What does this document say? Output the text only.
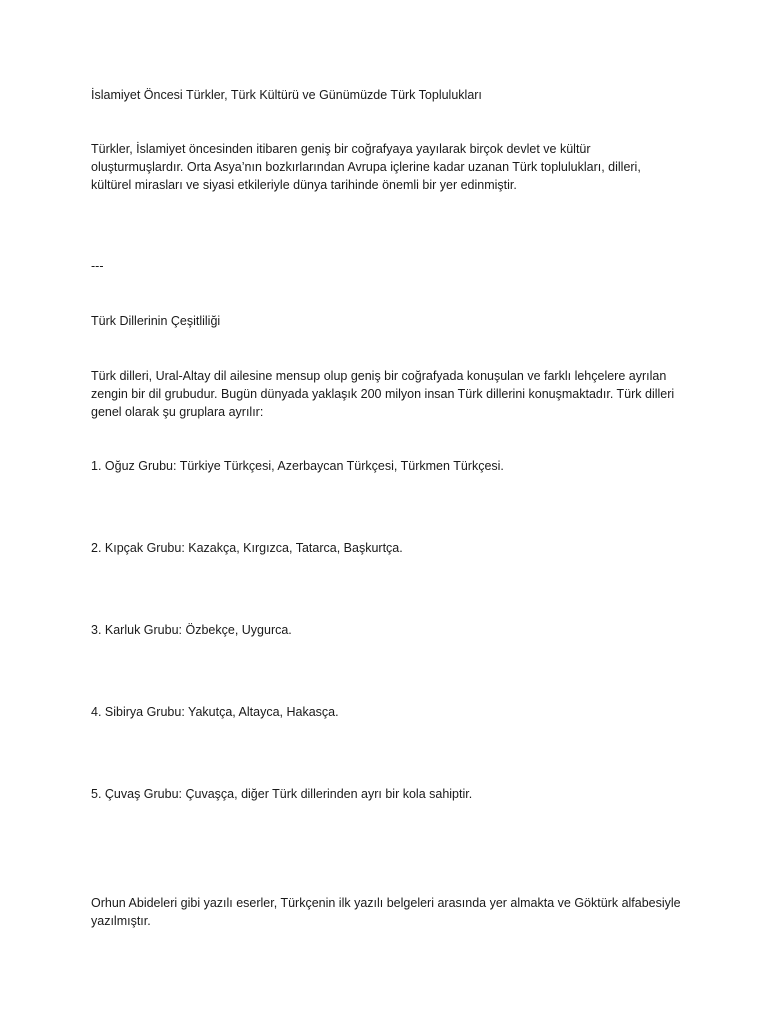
İslamiyet Öncesi Türkler, Türk Kültürü ve Günümüzde Türk Toplulukları

Türkler, İslamiyet öncesinden itibaren geniş bir coğrafyaya yayılarak birçok devlet ve kültür oluşturmuşlardır. Orta Asya’nın bozkırlarından Avrupa içlerine kadar uzanan Türk toplulukları, dilleri, kültürel mirasları ve siyasi etkileriyle dünya tarihinde önemli bir yer edinmiştir.

---

Türk Dillerinin Çeşitliliği

Türk dilleri, Ural-Altay dil ailesine mensup olup geniş bir coğrafyada konuşulan ve farklı lehçelere ayrılan zengin bir dil grubudur. Bugün dünyada yaklaşık 200 milyon insan Türk dillerini konuşmaktadır. Türk dilleri genel olarak şu gruplara ayrılır:

1. Oğuz Grubu: Türkiye Türkçesi, Azerbaycan Türkçesi, Türkmen Türkçesi.

2. Kıpçak Grubu: Kazakça, Kırgızca, Tatarca, Başkurtça.

3. Karluk Grubu: Özbekçe, Uygurca.

4. Sibirya Grubu: Yakutça, Altayca, Hakasça.

5. Çuvaş Grubu: Çuvaşça, diğer Türk dillerinden ayrı bir kola sahiptir.

Orhun Abideleri gibi yazılı eserler, Türkçenin ilk yazılı belgeleri arasında yer almakta ve Göktürk alfabesiyle yazılmıştır.
